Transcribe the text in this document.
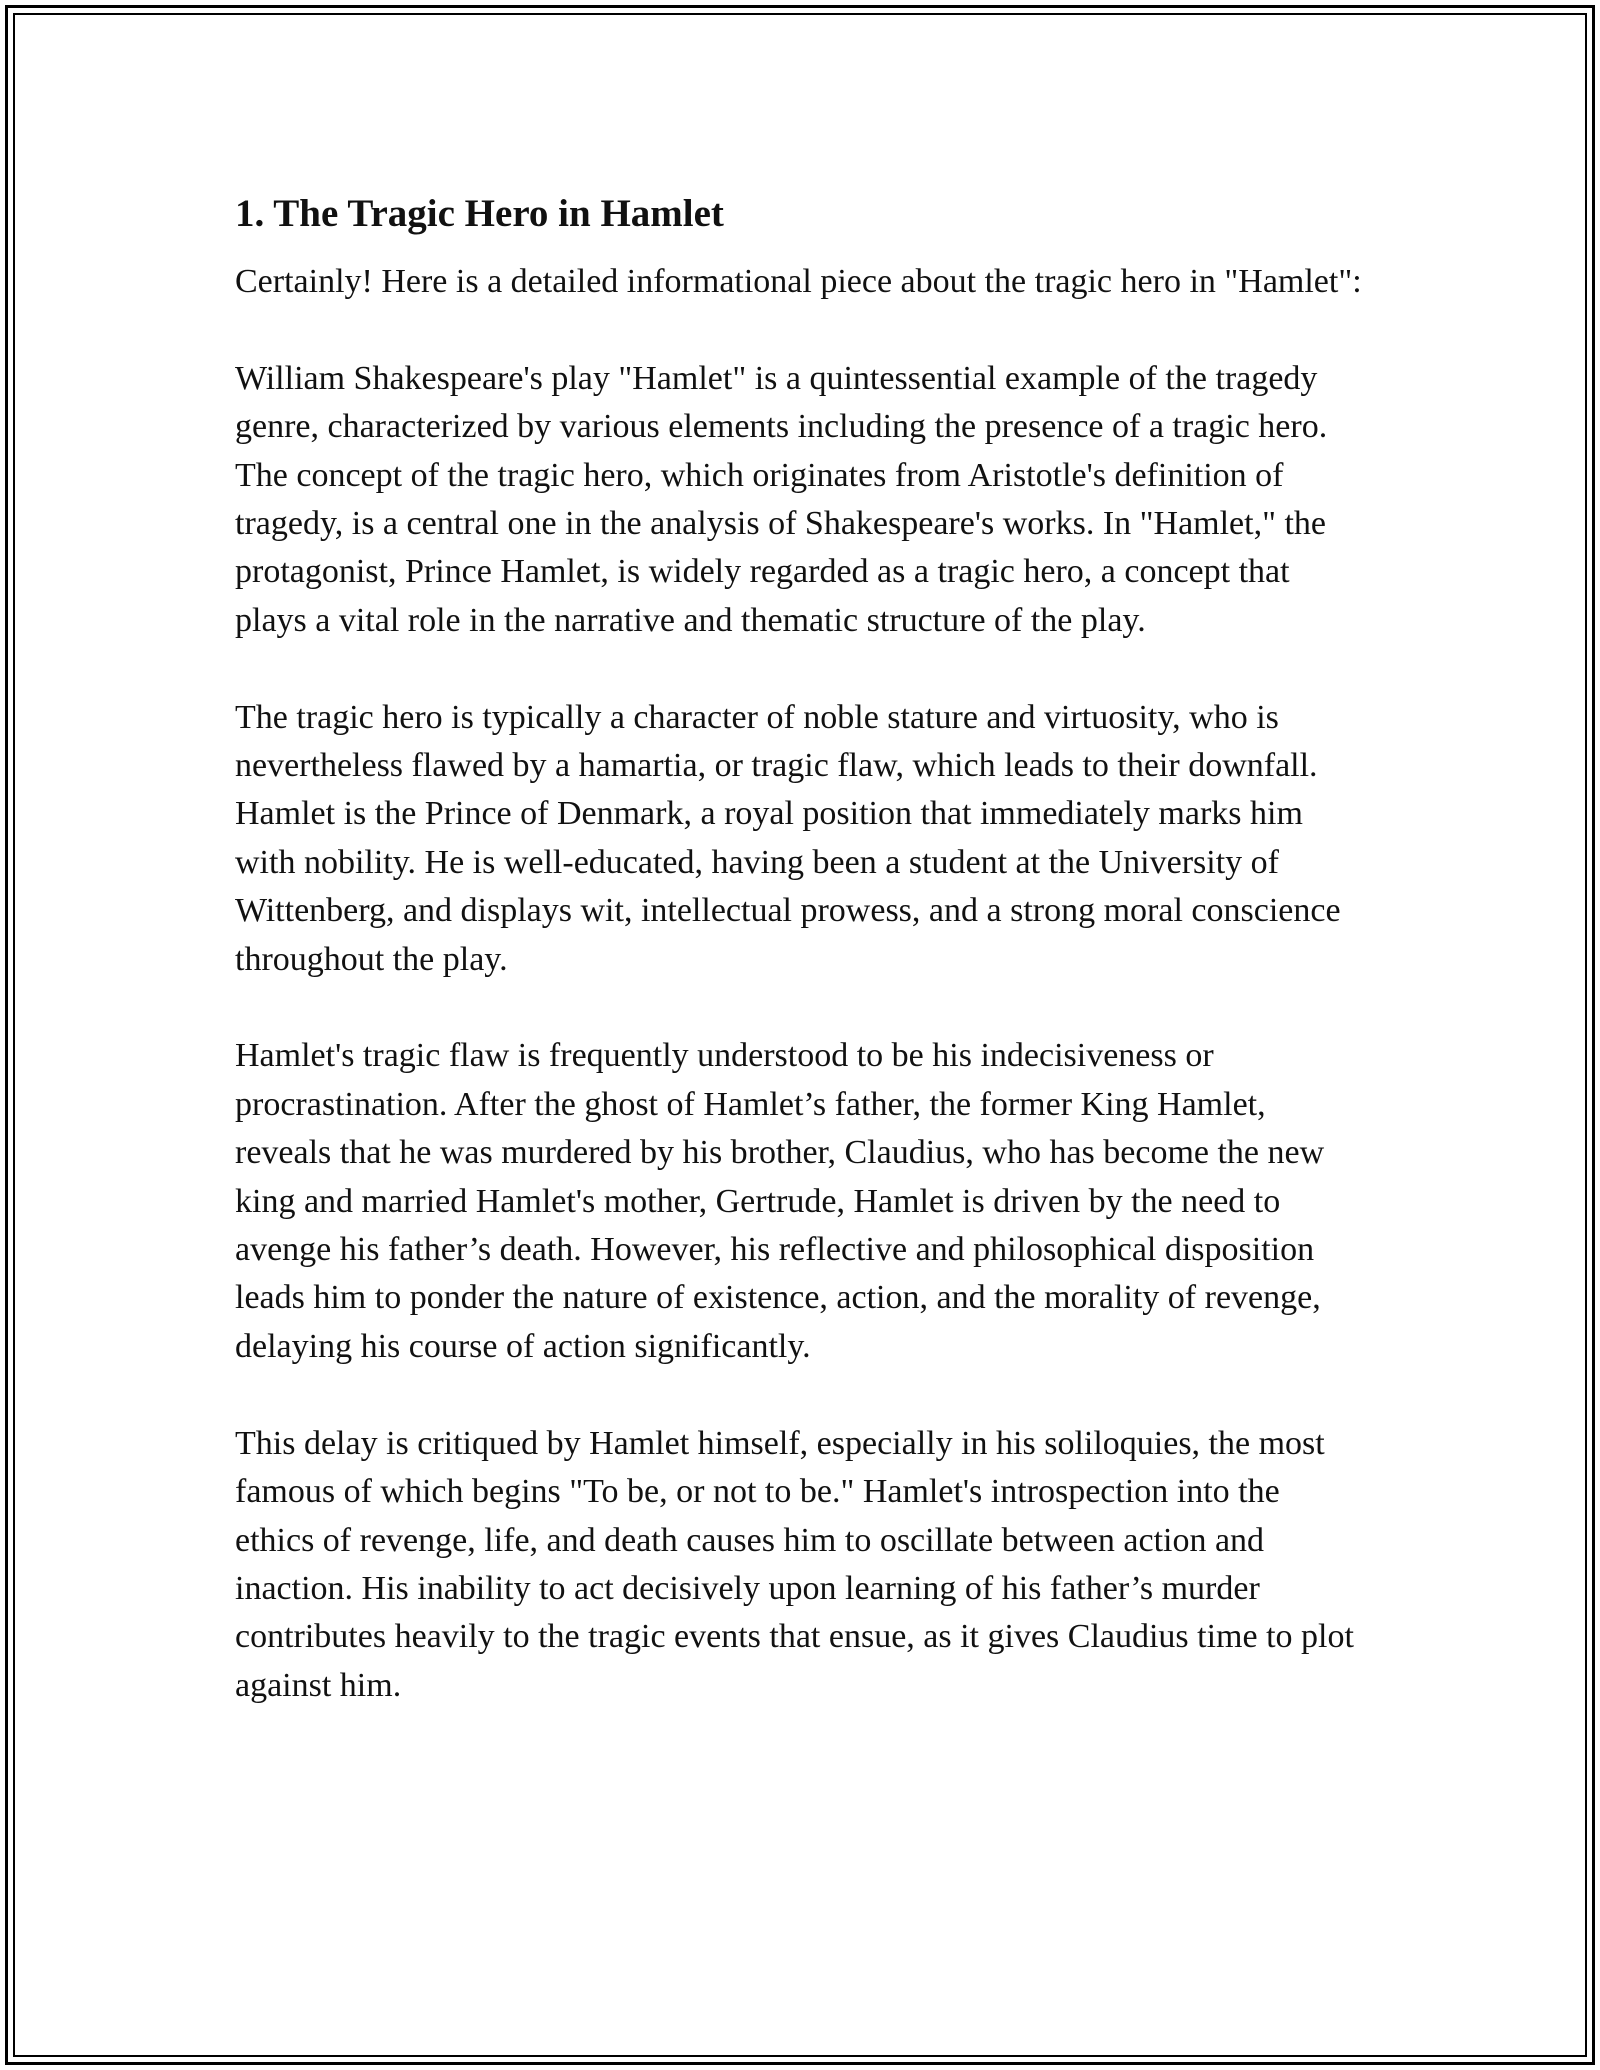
1. The Tragic Hero in Hamlet

Certainly! Here is a detailed informational piece about the tragic hero in "Hamlet":

William Shakespeare's play "Hamlet" is a quintessential example of the tragedy genre, characterized by various elements including the presence of a tragic hero. The concept of the tragic hero, which originates from Aristotle's definition of tragedy, is a central one in the analysis of Shakespeare's works. In "Hamlet," the protagonist, Prince Hamlet, is widely regarded as a tragic hero, a concept that plays a vital role in the narrative and thematic structure of the play.

The tragic hero is typically a character of noble stature and virtuosity, who is nevertheless flawed by a hamartia, or tragic flaw, which leads to their downfall. Hamlet is the Prince of Denmark, a royal position that immediately marks him with nobility. He is well-educated, having been a student at the University of Wittenberg, and displays wit, intellectual prowess, and a strong moral conscience throughout the play.

Hamlet's tragic flaw is frequently understood to be his indecisiveness or procrastination. After the ghost of Hamlet’s father, the former King Hamlet, reveals that he was murdered by his brother, Claudius, who has become the new king and married Hamlet's mother, Gertrude, Hamlet is driven by the need to avenge his father’s death. However, his reflective and philosophical disposition leads him to ponder the nature of existence, action, and the morality of revenge, delaying his course of action significantly.

This delay is critiqued by Hamlet himself, especially in his soliloquies, the most famous of which begins "To be, or not to be." Hamlet's introspection into the ethics of revenge, life, and death causes him to oscillate between action and inaction. His inability to act decisively upon learning of his father’s murder contributes heavily to the tragic events that ensue, as it gives Claudius time to plot against him.
